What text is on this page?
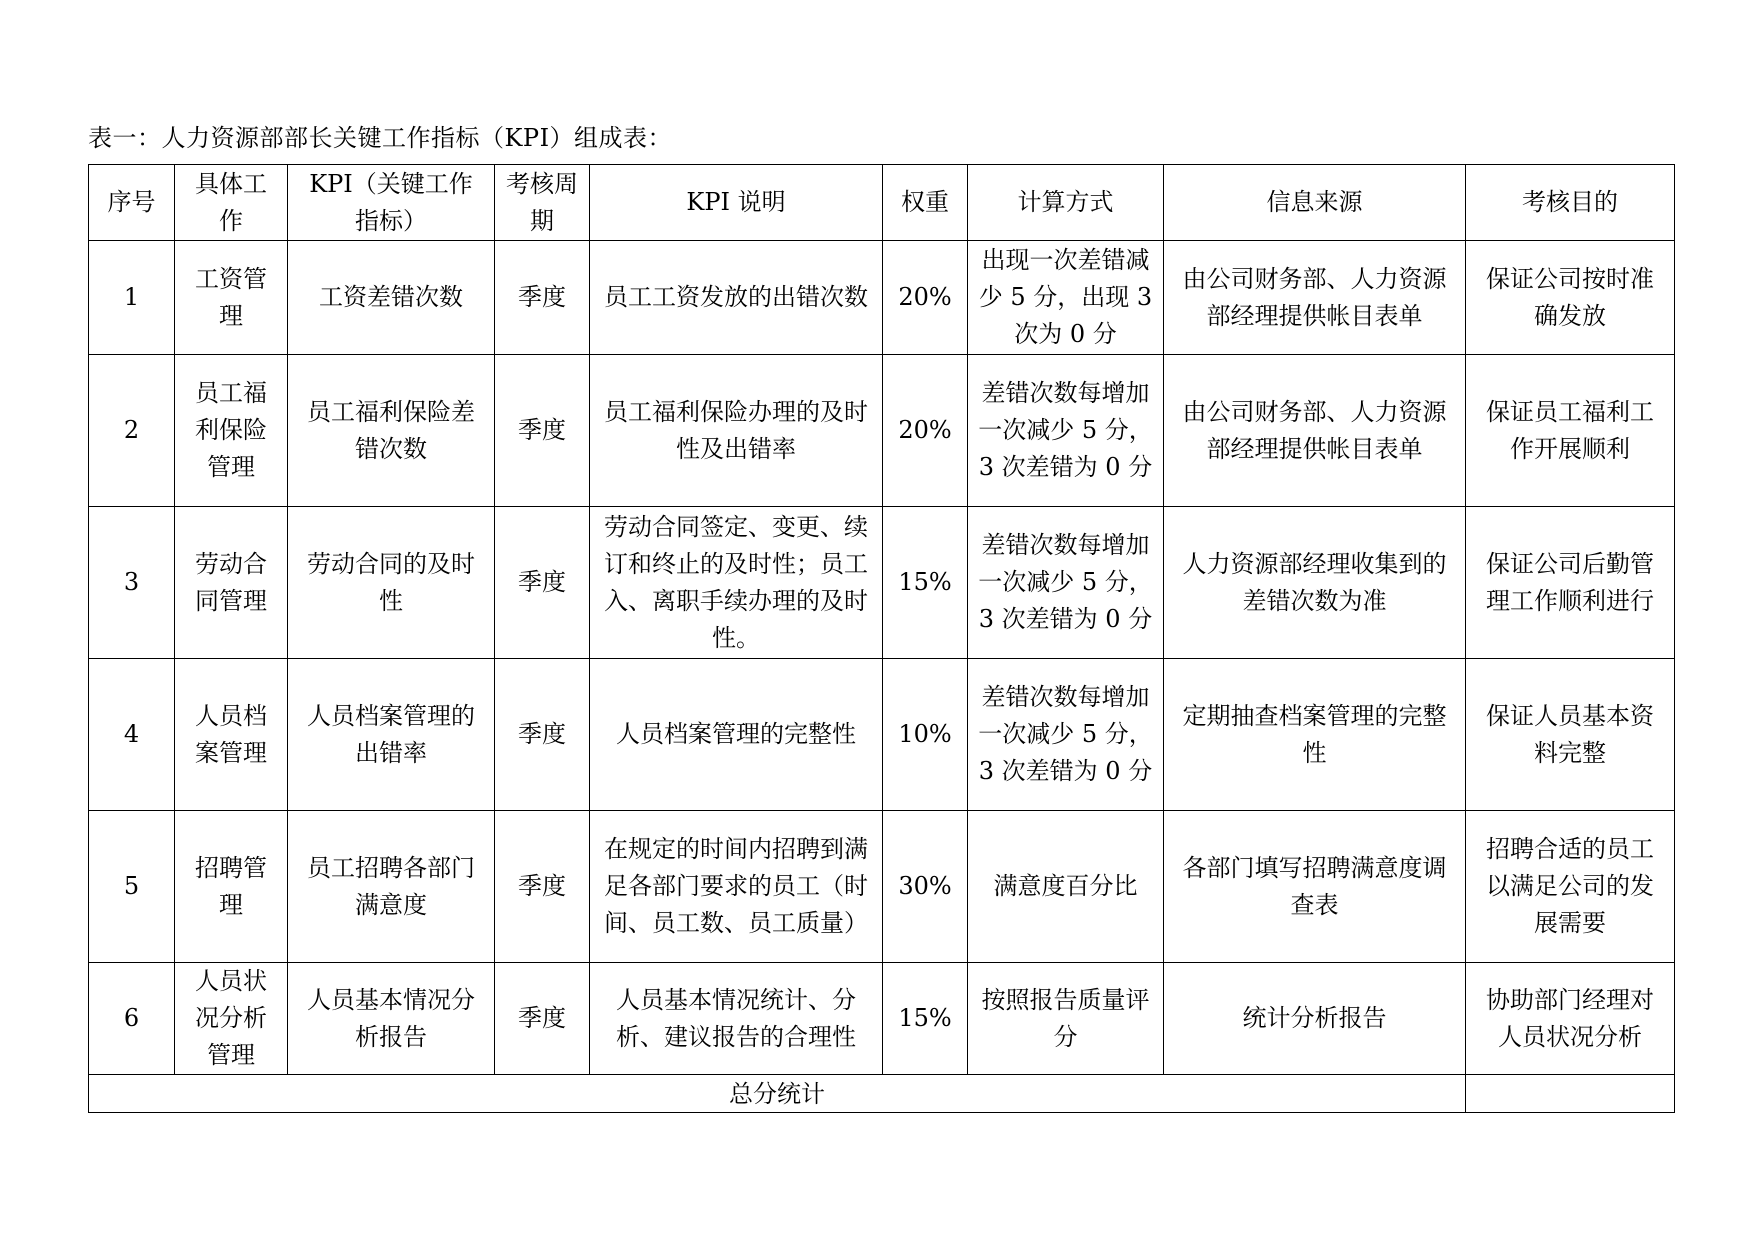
表一：人力资源部部长关键工作指标（KPI）组成表：
序号	具体工作	KPI（关键工作指标）	考核周期	KPI 说明	权重	计算方式	信息来源	考核目的
1	工资管理	工资差错次数	季度	员工工资发放的出错次数	20%	出现一次差错减少 5 分，出现 3 次为 0 分	由公司财务部、人力资源部经理提供帐目表单	保证公司按时准确发放
2	员工福利保险管理	员工福利保险差错次数	季度	员工福利保险办理的及时性及出错率	20%	差错次数每增加一次减少 5 分，3 次差错为 0 分	由公司财务部、人力资源部经理提供帐目表单	保证员工福利工作开展顺利
3	劳动合同管理	劳动合同的及时性	季度	劳动合同签定、变更、续订和终止的及时性；员工入、离职手续办理的及时性。	15%	差错次数每增加一次减少 5 分，3 次差错为 0 分	人力资源部经理收集到的差错次数为准	保证公司后勤管理工作顺利进行
4	人员档案管理	人员档案管理的出错率	季度	人员档案管理的完整性	10%	差错次数每增加一次减少 5 分，3 次差错为 0 分	定期抽查档案管理的完整性	保证人员基本资料完整
5	招聘管理	员工招聘各部门满意度	季度	在规定的时间内招聘到满足各部门要求的员工（时间、员工数、员工质量）	30%	满意度百分比	各部门填写招聘满意度调查表	招聘合适的员工以满足公司的发展需要
6	人员状况分析管理	人员基本情况分析报告	季度	人员基本情况统计、分析、建议报告的合理性	15%	按照报告质量评分	统计分析报告	协助部门经理对人员状况分析
总分统计								
